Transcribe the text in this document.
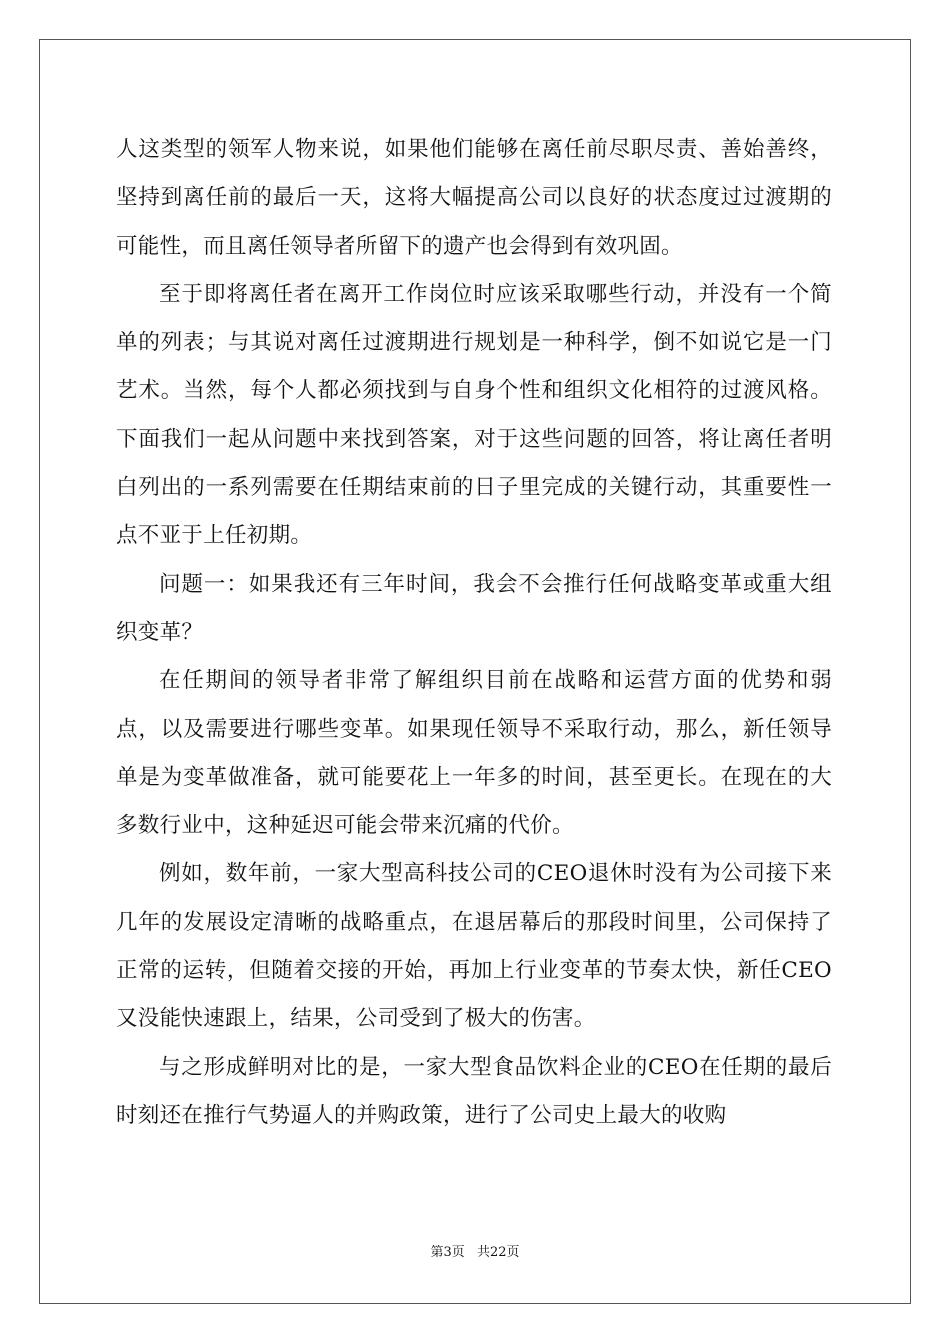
人这类型的领军人物来说，如果他们能够在离任前尽职尽责、善始善终，坚持到离任前的最后一天，这将大幅提高公司以良好的状态度过过渡期的可能性，而且离任领导者所留下的遗产也会得到有效巩固。

至于即将离任者在离开工作岗位时应该采取哪些行动，并没有一个简单的列表；与其说对离任过渡期进行规划是一种科学，倒不如说它是一门艺术。当然，每个人都必须找到与自身个性和组织文化相符的过渡风格。下面我们一起从问题中来找到答案，对于这些问题的回答，将让离任者明白列出的一系列需要在任期结束前的日子里完成的关键行动，其重要性一点不亚于上任初期。

问题一：如果我还有三年时间，我会不会推行任何战略变革或重大组织变革？

在任期间的领导者非常了解组织目前在战略和运营方面的优势和弱点，以及需要进行哪些变革。如果现任领导不采取行动，那么，新任领导单是为变革做准备，就可能要花上一年多的时间，甚至更长。在现在的大多数行业中，这种延迟可能会带来沉痛的代价。

例如，数年前，一家大型高科技公司的CEO退休时没有为公司接下来几年的发展设定清晰的战略重点，在退居幕后的那段时间里，公司保持了正常的运转，但随着交接的开始，再加上行业变革的节奏太快，新任CEO又没能快速跟上，结果，公司受到了极大的伤害。

与之形成鲜明对比的是，一家大型食品饮料企业的CEO在任期的最后时刻还在推行气势逼人的并购政策，进行了公司史上最大的收购

第3页 共22页
